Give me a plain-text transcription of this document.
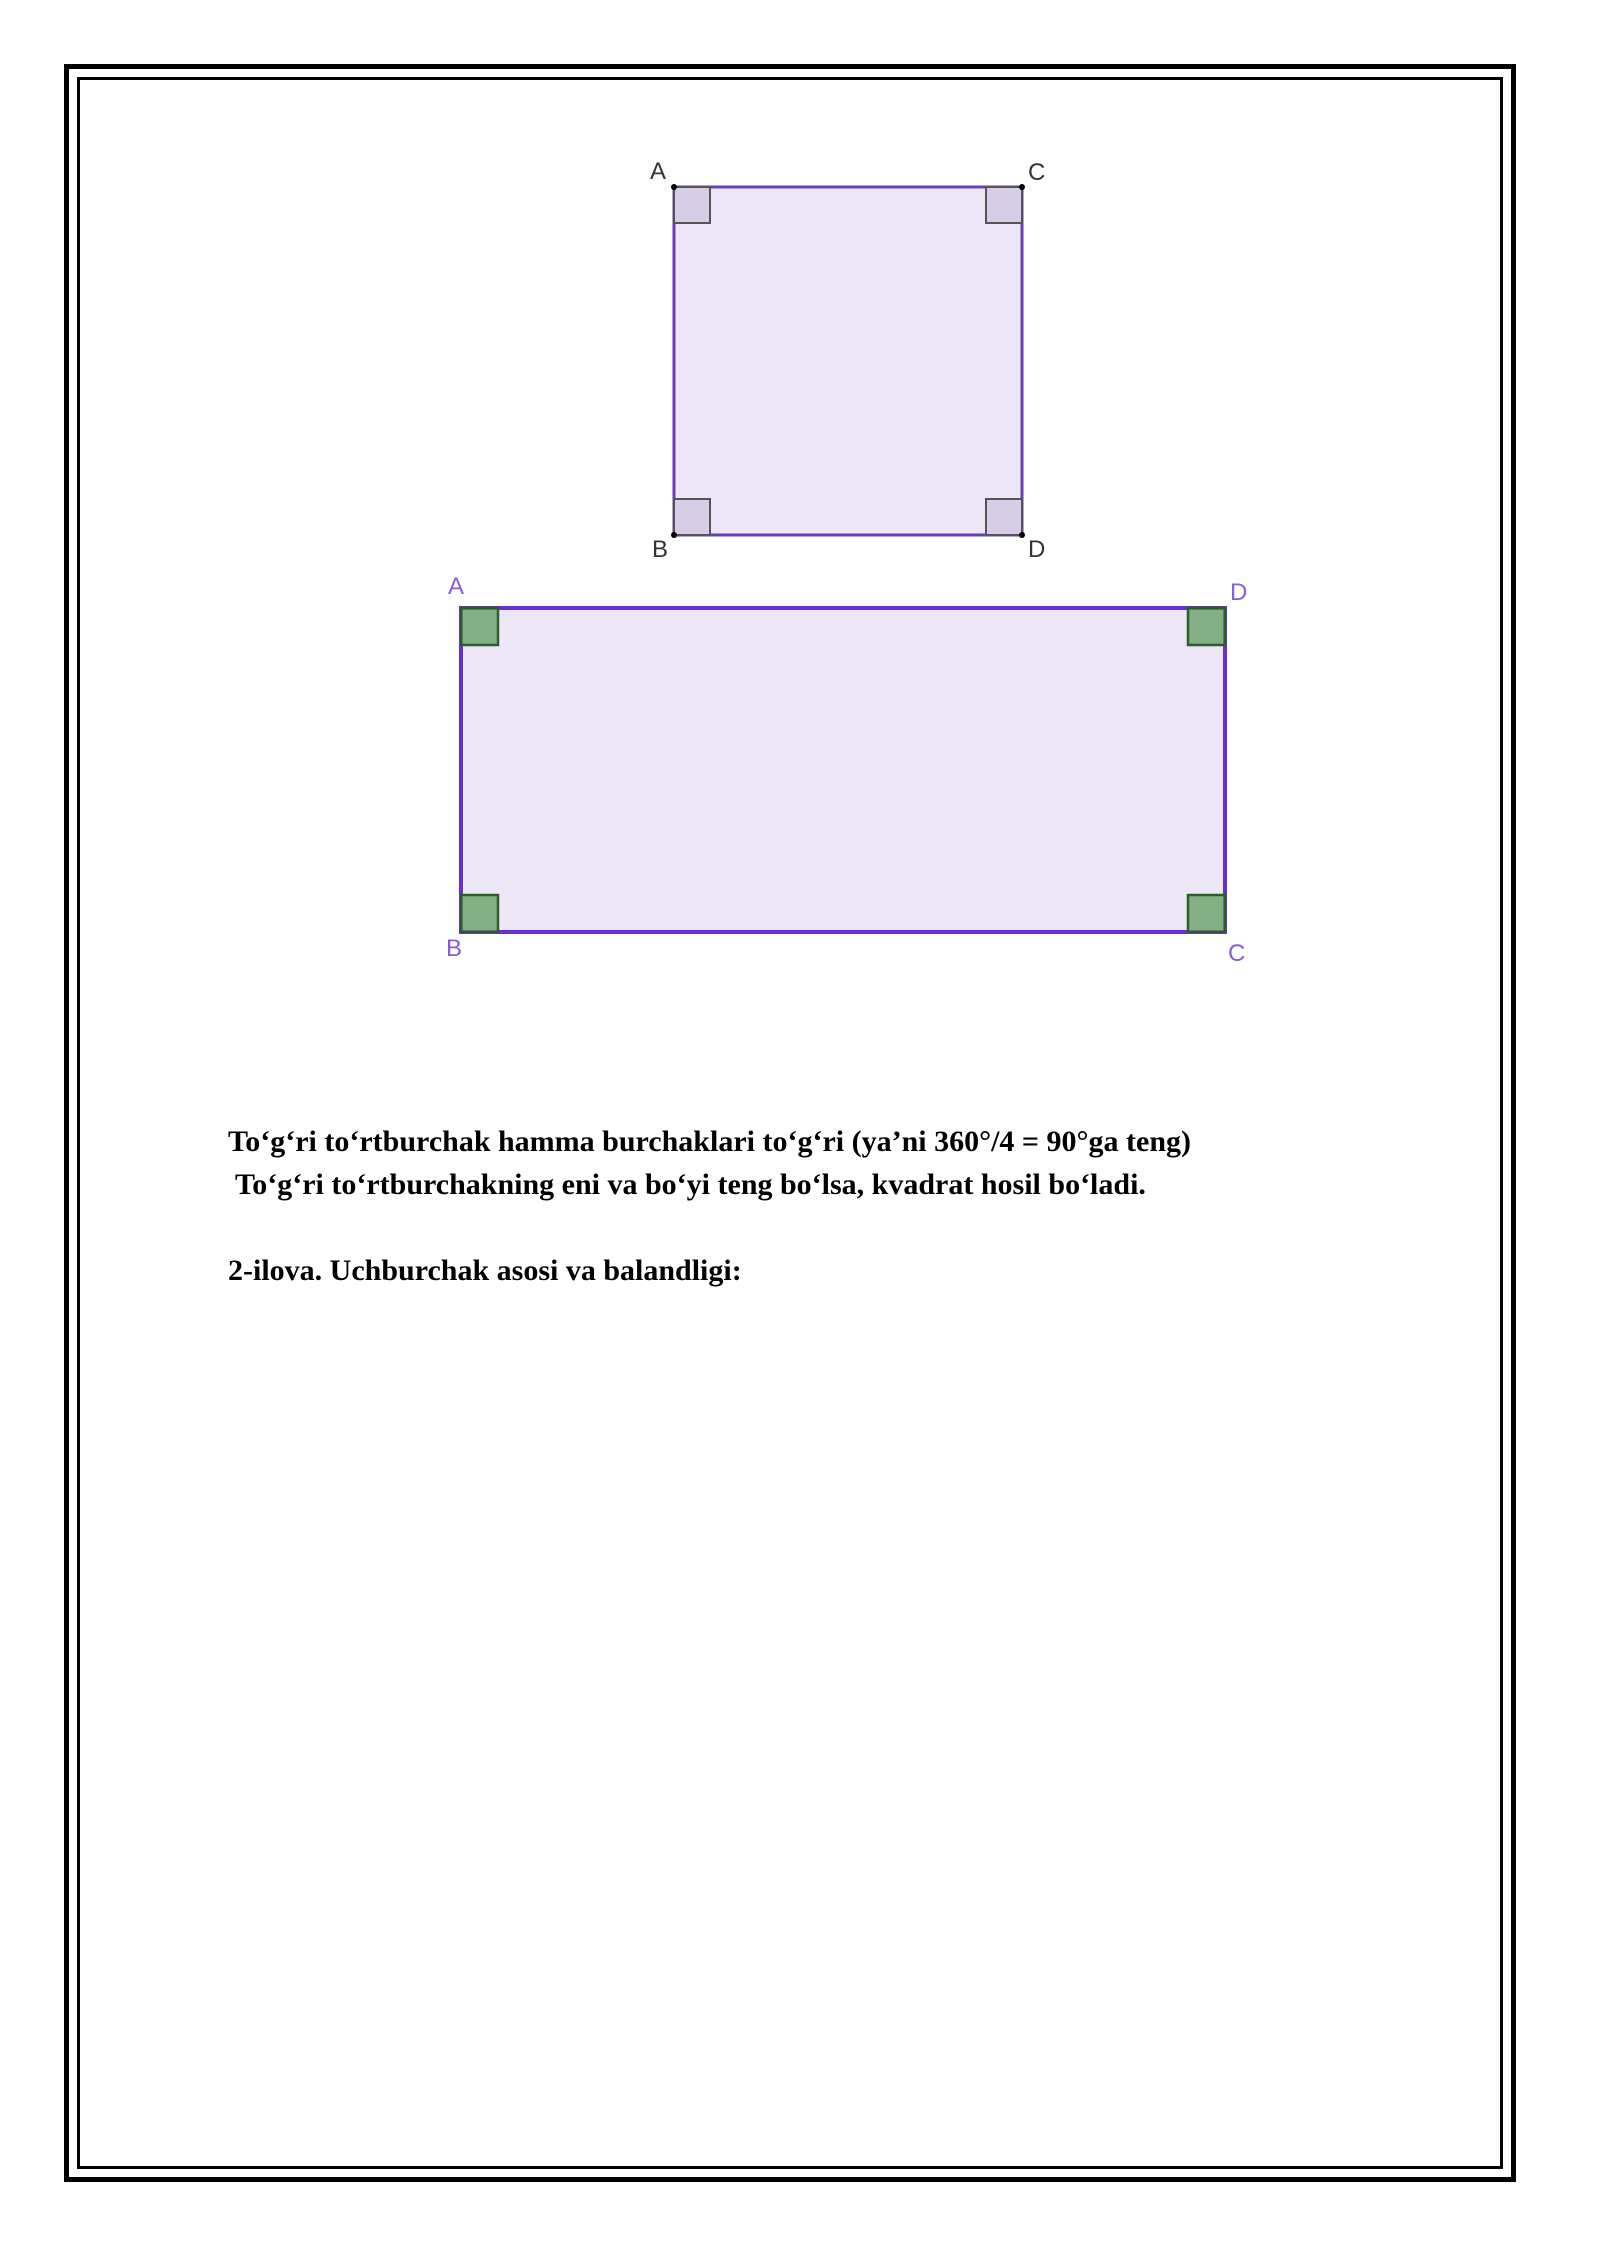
A	C
B	D
A	D
B	C

To‘g‘ri to‘rtburchak hamma burchaklari to‘g‘ri (ya’ni 360°/4 = 90°ga teng)

To‘g‘ri to‘rtburchakning eni va bo‘yi teng bo‘lsa, kvadrat hosil bo‘ladi.

2-ilova. Uchburchak asosi va balandligi:
